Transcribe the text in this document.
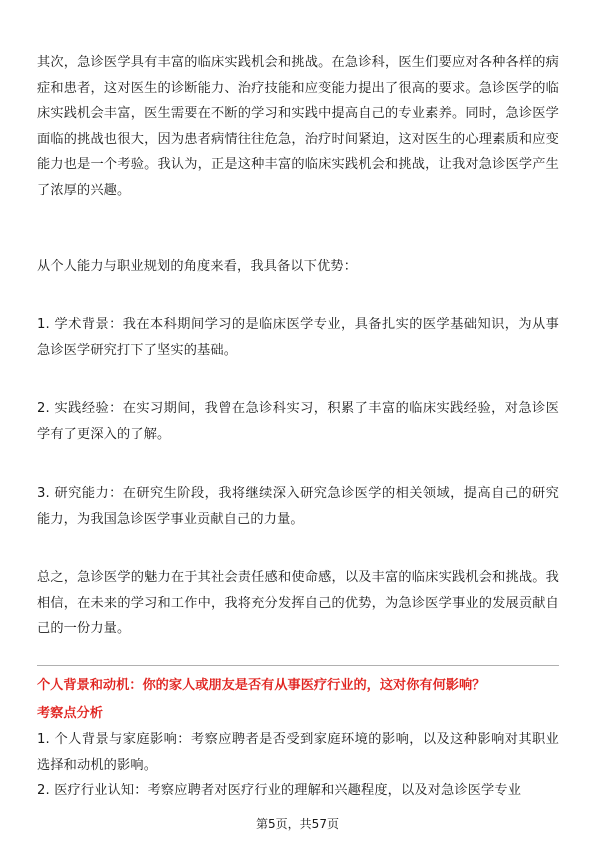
其次，急诊医学具有丰富的临床实践机会和挑战。在急诊科，医生们要应对各种各样的病症和患者，这对医生的诊断能力、治疗技能和应变能力提出了很高的要求。急诊医学的临床实践机会丰富，医生需要在不断的学习和实践中提高自己的专业素养。同时，急诊医学面临的挑战也很大，因为患者病情往往危急，治疗时间紧迫，这对医生的心理素质和应变能力也是一个考验。我认为，正是这种丰富的临床实践机会和挑战，让我对急诊医学产生了浓厚的兴趣。

从个人能力与职业规划的角度来看，我具备以下优势：

1. 学术背景：我在本科期间学习的是临床医学专业，具备扎实的医学基础知识，为从事急诊医学研究打下了坚实的基础。

2. 实践经验：在实习期间，我曾在急诊科实习，积累了丰富的临床实践经验，对急诊医学有了更深入的了解。

3. 研究能力：在研究生阶段，我将继续深入研究急诊医学的相关领域，提高自己的研究能力，为我国急诊医学事业贡献自己的力量。

总之，急诊医学的魅力在于其社会责任感和使命感，以及丰富的临床实践机会和挑战。我相信，在未来的学习和工作中，我将充分发挥自己的优势，为急诊医学事业的发展贡献自己的一份力量。

个人背景和动机：你的家人或朋友是否有从事医疗行业的，这对你有何影响？

考察点分析

1. 个人背景与家庭影响：考察应聘者是否受到家庭环境的影响，以及这种影响对其职业选择和动机的影响。

2. 医疗行业认知：考察应聘者对医疗行业的理解和兴趣程度，以及对急诊医学专业

第5页，共57页
